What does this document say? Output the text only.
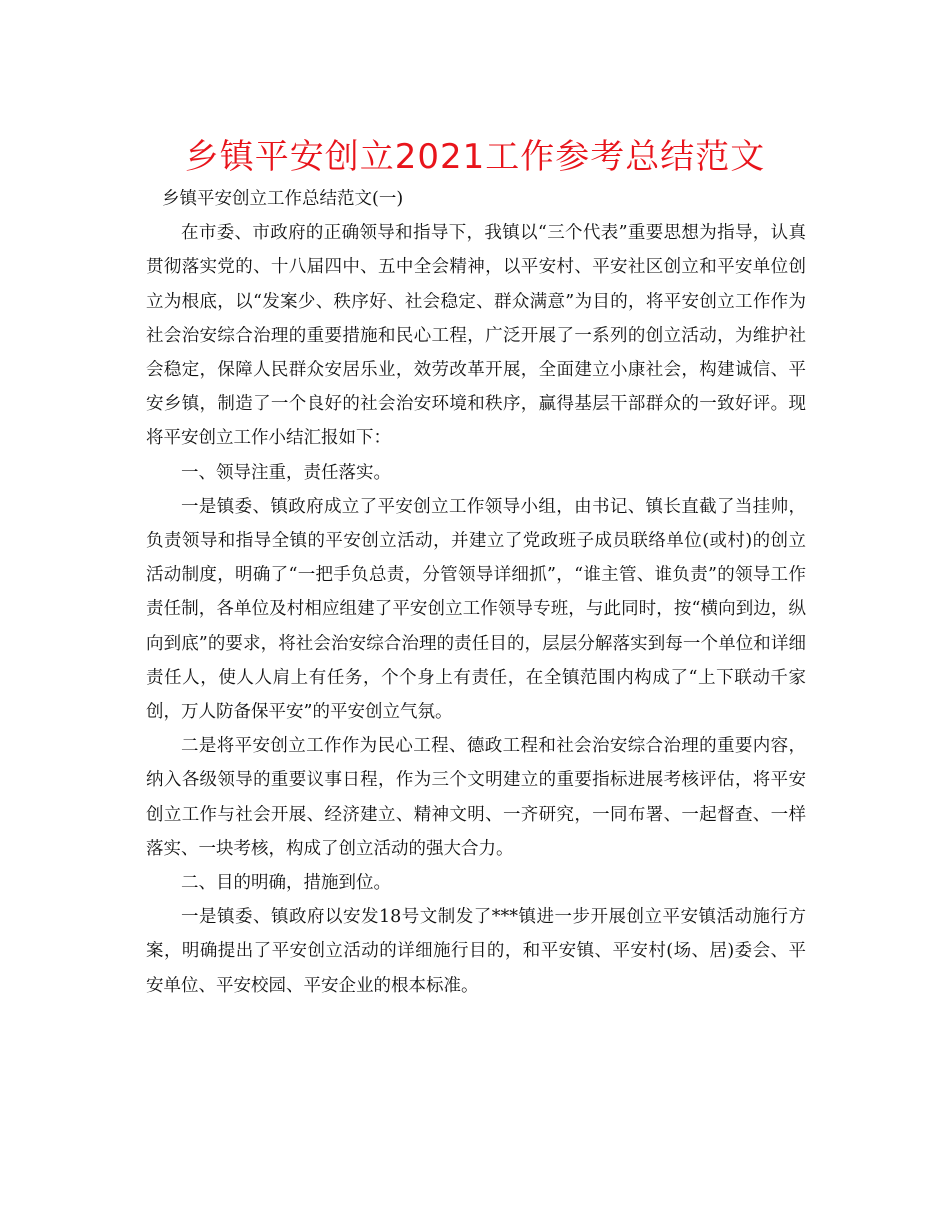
乡镇平安创立2021工作参考总结范文

乡镇平安创立工作总结范文(一)

在市委、市政府的正确领导和指导下，我镇以“三个代表”重要思想为指导，认真贯彻落实党的、十八届四中、五中全会精神，以平安村、平安社区创立和平安单位创立为根底，以“发案少、秩序好、社会稳定、群众满意”为目的，将平安创立工作作为社会治安综合治理的重要措施和民心工程，广泛开展了一系列的创立活动，为维护社会稳定，保障人民群众安居乐业，效劳改革开展，全面建立小康社会，构建诚信、平安乡镇，制造了一个良好的社会治安环境和秩序，赢得基层干部群众的一致好评。现将平安创立工作小结汇报如下：

一、领导注重，责任落实。

一是镇委、镇政府成立了平安创立工作领导小组，由书记、镇长直截了当挂帅，负责领导和指导全镇的平安创立活动，并建立了党政班子成员联络单位(或村)的创立活动制度，明确了“一把手负总责，分管领导详细抓”，“谁主管、谁负责”的领导工作责任制，各单位及村相应组建了平安创立工作领导专班，与此同时，按“横向到边，纵向到底”的要求，将社会治安综合治理的责任目的，层层分解落实到每一个单位和详细责任人，使人人肩上有任务，个个身上有责任，在全镇范围内构成了“上下联动千家创，万人防备保平安”的平安创立气氛。

二是将平安创立工作作为民心工程、德政工程和社会治安综合治理的重要内容，纳入各级领导的重要议事日程，作为三个文明建立的重要指标进展考核评估，将平安创立工作与社会开展、经济建立、精神文明、一齐研究，一同布署、一起督查、一样落实、一块考核，构成了创立活动的强大合力。

二、目的明确，措施到位。

一是镇委、镇政府以安发18号文制发了***镇进一步开展创立平安镇活动施行方案，明确提出了平安创立活动的详细施行目的，和平安镇、平安村(场、居)委会、平安单位、平安校园、平安企业的根本标准。
